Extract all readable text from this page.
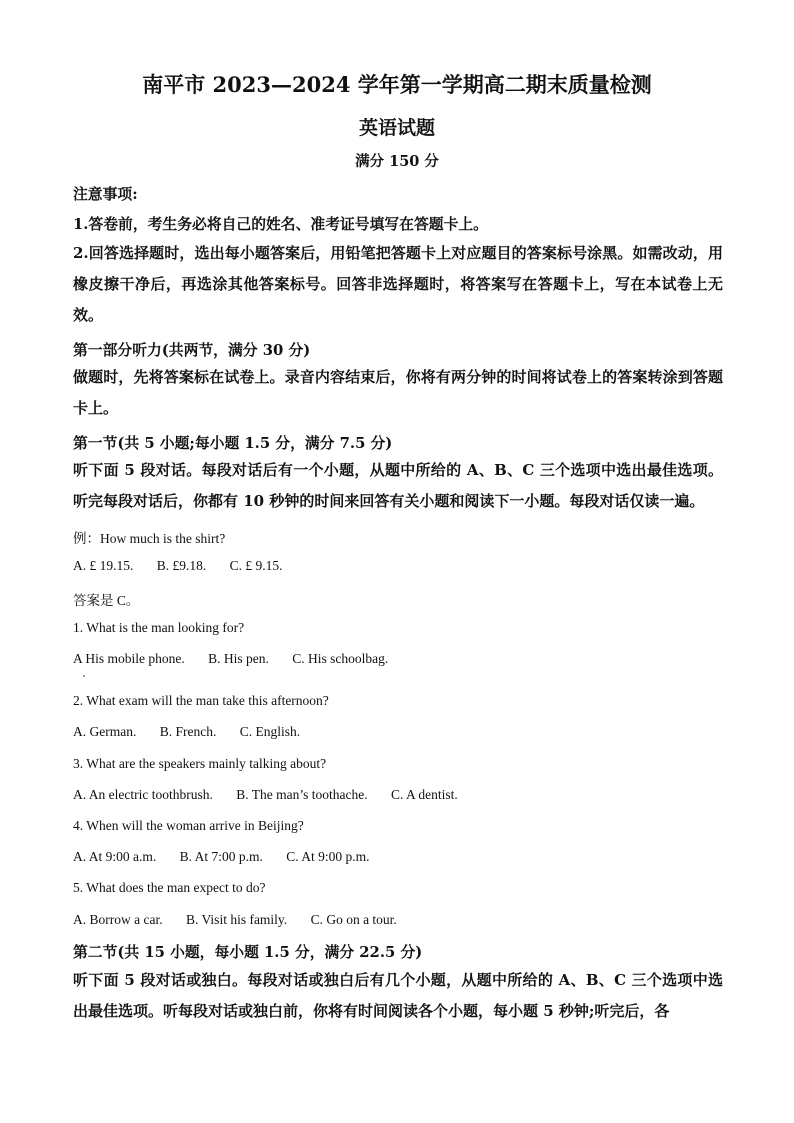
南平市 2023—2024 学年第一学期高二期末质量检测
英语试题
满分 150 分
注意事项:
1.答卷前，考生务必将自己的姓名、准考证号填写在答题卡上。
2.回答选择题时，选出每小题答案后，用铅笔把答题卡上对应题目的答案标号涂黑。如需改动，用橡皮擦干净后，再选涂其他答案标号。回答非选择题时，将答案写在答题卡上，写在本试卷上无效。
第一部分听力(共两节，满分 30 分)
做题时，先将答案标在试卷上。录音内容结束后，你将有两分钟的时间将试卷上的答案转涂到答题卡上。
第一节(共 5 小题;每小题 1.5 分，满分 7.5 分)
听下面 5 段对话。每段对话后有一个小题，从题中所给的 A、B、C 三个选项中选出最佳选项。听完每段对话后，你都有 10 秒钟的时间来回答有关小题和阅读下一小题。每段对话仅读一遍。
例：How much is the shirt?
A. £ 19.15. B. £9.18. C. £ 9.15.
答案是 C。
1. What is the man looking for?
A His mobile phone. B. His pen. C. His schoolbag.
2. What exam will the man take this afternoon?
A. German. B. French. C. English.
3. What are the speakers mainly talking about?
A. An electric toothbrush. B. The man’s toothache. C. A dentist.
4. When will the woman arrive in Beijing?
A. At 9:00 a.m. B. At 7:00 p.m. C. At 9:00 p.m.
5. What does the man expect to do?
A. Borrow a car. B. Visit his family. C. Go on a tour.
第二节(共 15 小题，每小题 1.5 分，满分 22.5 分)
听下面 5 段对话或独白。每段对话或独白后有几个小题，从题中所给的 A、B、C 三个选项中选出最佳选项。听每段对话或独白前，你将有时间阅读各个小题，每小题 5 秒钟;听完后，各
